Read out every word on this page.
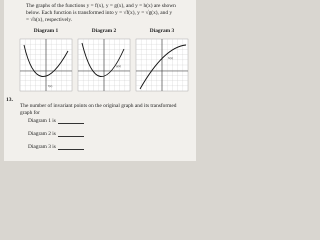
The graphs of the functions y = f(x), y = g(x), and y = h(x) are shown below. Each function is transformed into y = √f(x), y = √g(x), and y = √h(x), respectively.
Diagram 1
f(x)
Diagram 2
g(x)
Diagram 3
h(x)
13.
The number of invariant points on the original graph and its transformed graph for
Diagram 1 is
Diagram 2 is
Diagram 3 is
